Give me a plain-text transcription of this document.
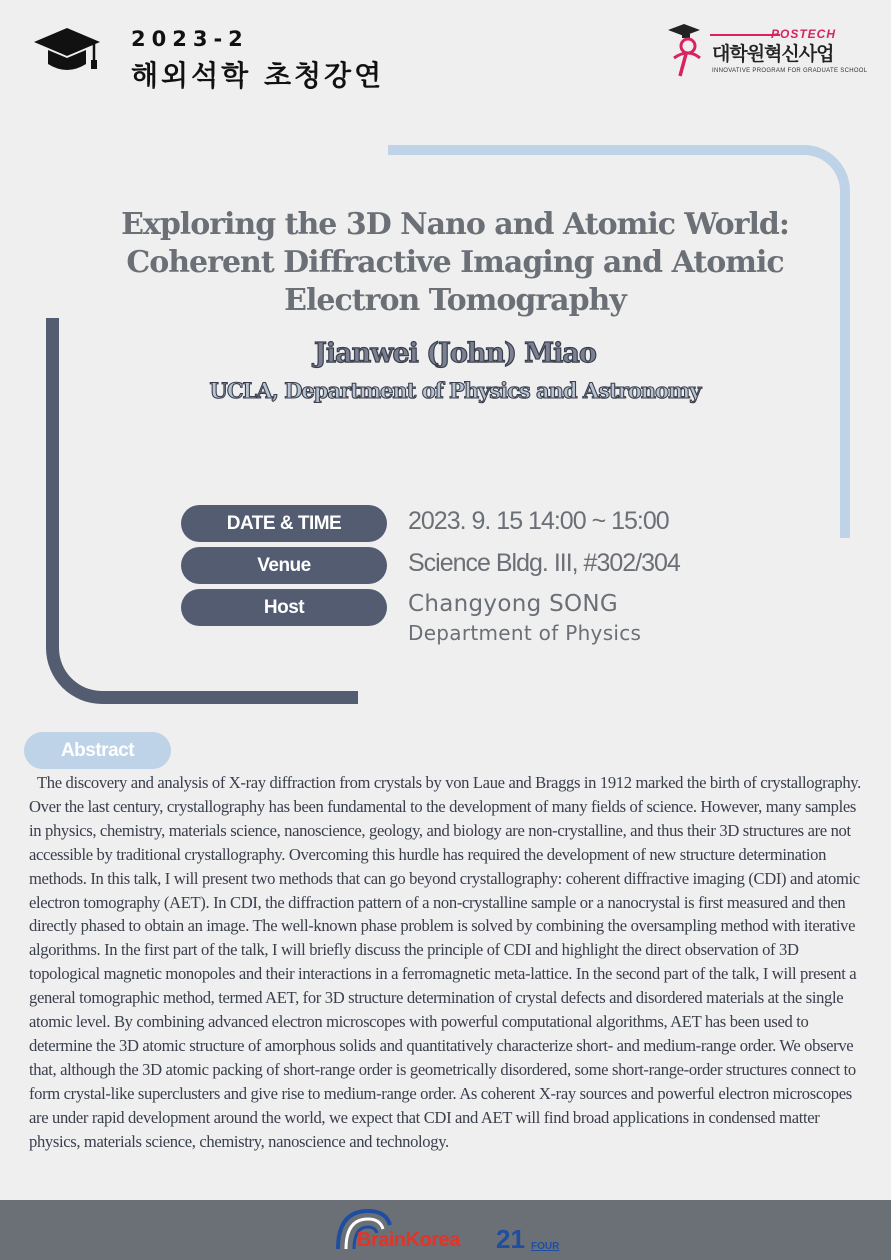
2023-2
해외석학 초청강연
POSTECH
대학원혁신사업
INNOVATIVE PROGRAM FOR GRADUATE SCHOOL
Exploring the 3D Nano and Atomic World:
Coherent Diffractive Imaging and Atomic
Electron Tomography
Jianwei (John) Miao
UCLA, Department of Physics and Astronomy
DATE & TIME	2023. 9. 15 14:00 ~ 15:00
Venue	Science Bldg. III, #302/304
Host	Changyong SONG
Department of Physics
Abstract

The discovery and analysis of X-ray diffraction from crystals by von Laue and Braggs in 1912 marked the birth of crystallography. Over the last century, crystallography has been fundamental to the development of many fields of science. However, many samples in physics, chemistry, materials science, nanoscience, geology, and biology are non-crystalline, and thus their 3D structures are not accessible by traditional crystallography. Overcoming this hurdle has required the development of new structure determination methods. In this talk, I will present two methods that can go beyond crystallography: coherent diffractive imaging (CDI) and atomic electron tomography (AET). In CDI, the diffraction pattern of a non-crystalline sample or a nanocrystal is first measured and then directly phased to obtain an image. The well-known phase problem is solved by combining the oversampling method with iterative algorithms. In the first part of the talk, I will briefly discuss the principle of CDI and highlight the direct observation of 3D topological magnetic monopoles and their interactions in a ferromagnetic meta-lattice. In the second part of the talk, I will present a general tomographic method, termed AET, for 3D structure determination of crystal defects and disordered materials at the single atomic level. By combining advanced electron microscopes with powerful computational algorithms, AET has been used to determine the 3D atomic structure of amorphous solids and quantitatively characterize short- and medium-range order. We observe that, although the 3D atomic packing of short-range order is geometrically disordered, some short-range-order structures connect to form crystal-like superclusters and give rise to medium-range order. As coherent X-ray sources and powerful electron microscopes are under rapid development around the world, we expect that CDI and AET will find broad applications in condensed matter physics, materials science, chemistry, nanoscience and technology.

BrainKorea 21 FOUR
